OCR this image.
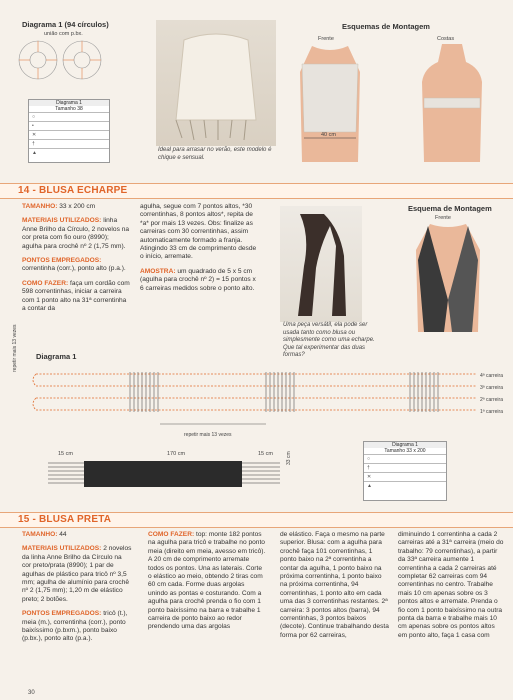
Diagrama 1 (94 círculos)
união com p.bx.
Diagrama 1
Tamanho 38
○
•
✕
†
▲	Ideal para arrasar no verão, este modelo é chique e sensual.
Esquemas de Montagem
Frente	Costas
40 cm
14 - BLUSA ECHARPE
TAMANHO: 33 x 200 cm
MATERIAIS UTILIZADOS: linha Anne Brilho da Círculo, 2 novelos na cor preta com fio ouro (8990); agulha para crochê nº 2 (1,75 mm).
PONTOS EMPREGADOS: correntinha (corr.), ponto alto (p.a.).
COMO FAZER: faça um cordão com 598 correntinhas, iniciar a carreira com 1 ponto alto na 31ª correntinha a contar da
agulha, segue com 7 pontos altos, *30 correntinhas, 8 pontos altos*, repita de *a* por mais 13 vezes. Obs: finalize as carreiras com 30 correntinhas, assim automaticamente formado a franja. Atingindo 33 cm de comprimento desde o início, arremate.
AMOSTRA: um quadrado de 5 x 5 cm (agulha para crochê nº 2) = 15 pontos x 6 carreiras medidos sobre o ponto alto.
Uma peça versátil, ela pode ser usada tanto como blusa ou simplesmente como uma echarpe. Que tal experimentar das duas formas?
Esquema de Montagem
Frente
Diagrama 1
repetir mais 13 vezes
4ª carreira
3ª carreira
2ª carreira
1ª carreira
repetir mais 13 vezes
Diagrama 1
Tamanho 33 x 200
○
†
✕
▲
15 cm	170 cm	15 cm	33 cm
15 - BLUSA PRETA
TAMANHO: 44
MATERIAIS UTILIZADOS: 2 novelos da linha Anne Brilho da Círculo na cor preto/prata (8990); 1 par de agulhas de plástico para tricô nº 3,5 mm; agulha de alumínio para crochê nº 2 (1,75 mm); 1,20 m de elástico preto; 2 botões.
PONTOS EMPREGADOS: tricô (t.), meia (m.), correntinha (corr.), ponto baixíssimo (p.bxm.), ponto baixo (p.bx.), ponto alto (p.a.).
COMO FAZER: top: monte 182 pontos na agulha para tricô e trabalhe no ponto meia (direito em meia, avesso em tricô). A 20 cm de comprimento arremate todos os pontos. Una as laterais. Corte o elástico ao meio, obtendo 2 tiras com 60 cm cada. Forme duas argolas unindo as pontas e costurando. Com a agulha para crochê prenda o fio com 1 ponto baixíssimo na barra e trabalhe 1 carreira de ponto baixo ao redor prendendo uma das argolas
de elástico. Faça o mesmo na parte superior. Blusa: com a agulha para crochê faça 101 correntinhas, 1 ponto baixo na 2ª correntinha a contar da agulha, 1 ponto baixo na próxima correntinha, 1 ponto baixo na próxima correntinha, 94 correntinhas, 1 ponto alto em cada uma das 3 correntinhas restantes. 2ª carreira: 3 pontos altos (barra), 94 correntinhas, 3 pontos baixos (decote). Continue trabalhando desta forma por 62 carreiras,
diminuindo 1 correntinha a cada 2 carreiras até a 31ª carreira (meio do trabalho: 79 correntinhas), a partir da 33ª carreira aumente 1 correntinha a cada 2 carreiras até completar 62 carreiras com 94 correntinhas no centro. Trabalhe mais 10 cm apenas sobre os 3 pontos altos e arremate. Prenda o fio com 1 ponto baixíssimo na outra ponta da barra e trabalhe mais 10 cm apenas sobre os pontos altos em ponto alto, faça 1 casa com
30
